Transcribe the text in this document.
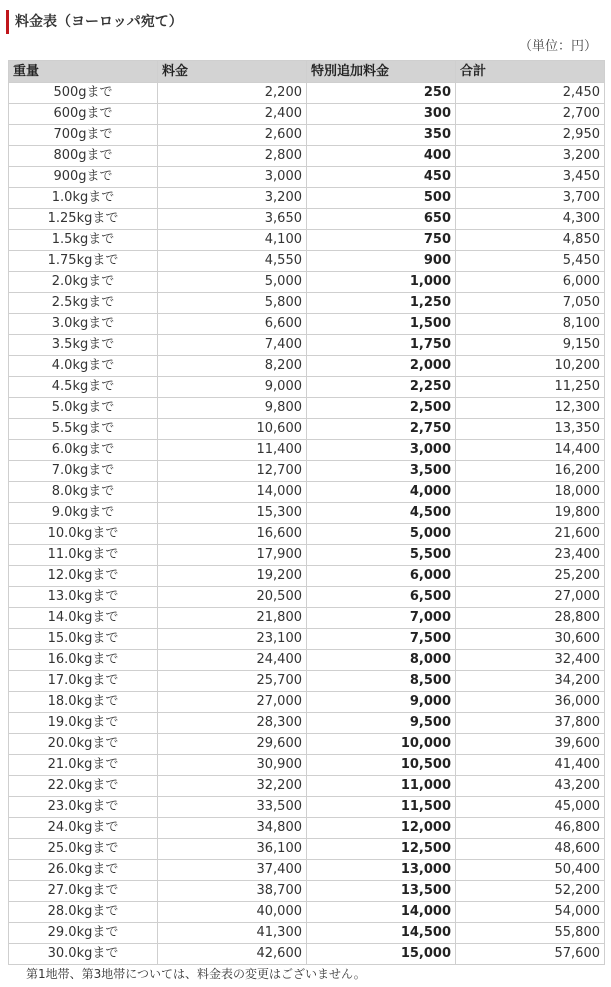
料金表（ヨーロッパ宛て）
（単位：円）
重量	料金	特別追加料金	合計
500gまで	2,200	250	2,450
600gまで	2,400	300	2,700
700gまで	2,600	350	2,950
800gまで	2,800	400	3,200
900gまで	3,000	450	3,450
1.0kgまで	3,200	500	3,700
1.25kgまで	3,650	650	4,300
1.5kgまで	4,100	750	4,850
1.75kgまで	4,550	900	5,450
2.0kgまで	5,000	1,000	6,000
2.5kgまで	5,800	1,250	7,050
3.0kgまで	6,600	1,500	8,100
3.5kgまで	7,400	1,750	9,150
4.0kgまで	8,200	2,000	10,200
4.5kgまで	9,000	2,250	11,250
5.0kgまで	9,800	2,500	12,300
5.5kgまで	10,600	2,750	13,350
6.0kgまで	11,400	3,000	14,400
7.0kgまで	12,700	3,500	16,200
8.0kgまで	14,000	4,000	18,000
9.0kgまで	15,300	4,500	19,800
10.0kgまで	16,600	5,000	21,600
11.0kgまで	17,900	5,500	23,400
12.0kgまで	19,200	6,000	25,200
13.0kgまで	20,500	6,500	27,000
14.0kgまで	21,800	7,000	28,800
15.0kgまで	23,100	7,500	30,600
16.0kgまで	24,400	8,000	32,400
17.0kgまで	25,700	8,500	34,200
18.0kgまで	27,000	9,000	36,000
19.0kgまで	28,300	9,500	37,800
20.0kgまで	29,600	10,000	39,600
21.0kgまで	30,900	10,500	41,400
22.0kgまで	32,200	11,000	43,200
23.0kgまで	33,500	11,500	45,000
24.0kgまで	34,800	12,000	46,800
25.0kgまで	36,100	12,500	48,600
26.0kgまで	37,400	13,000	50,400
27.0kgまで	38,700	13,500	52,200
28.0kgまで	40,000	14,000	54,000
29.0kgまで	41,300	14,500	55,800
30.0kgまで	42,600	15,000	57,600
第1地帯、第3地帯については、料金表の変更はございません。
